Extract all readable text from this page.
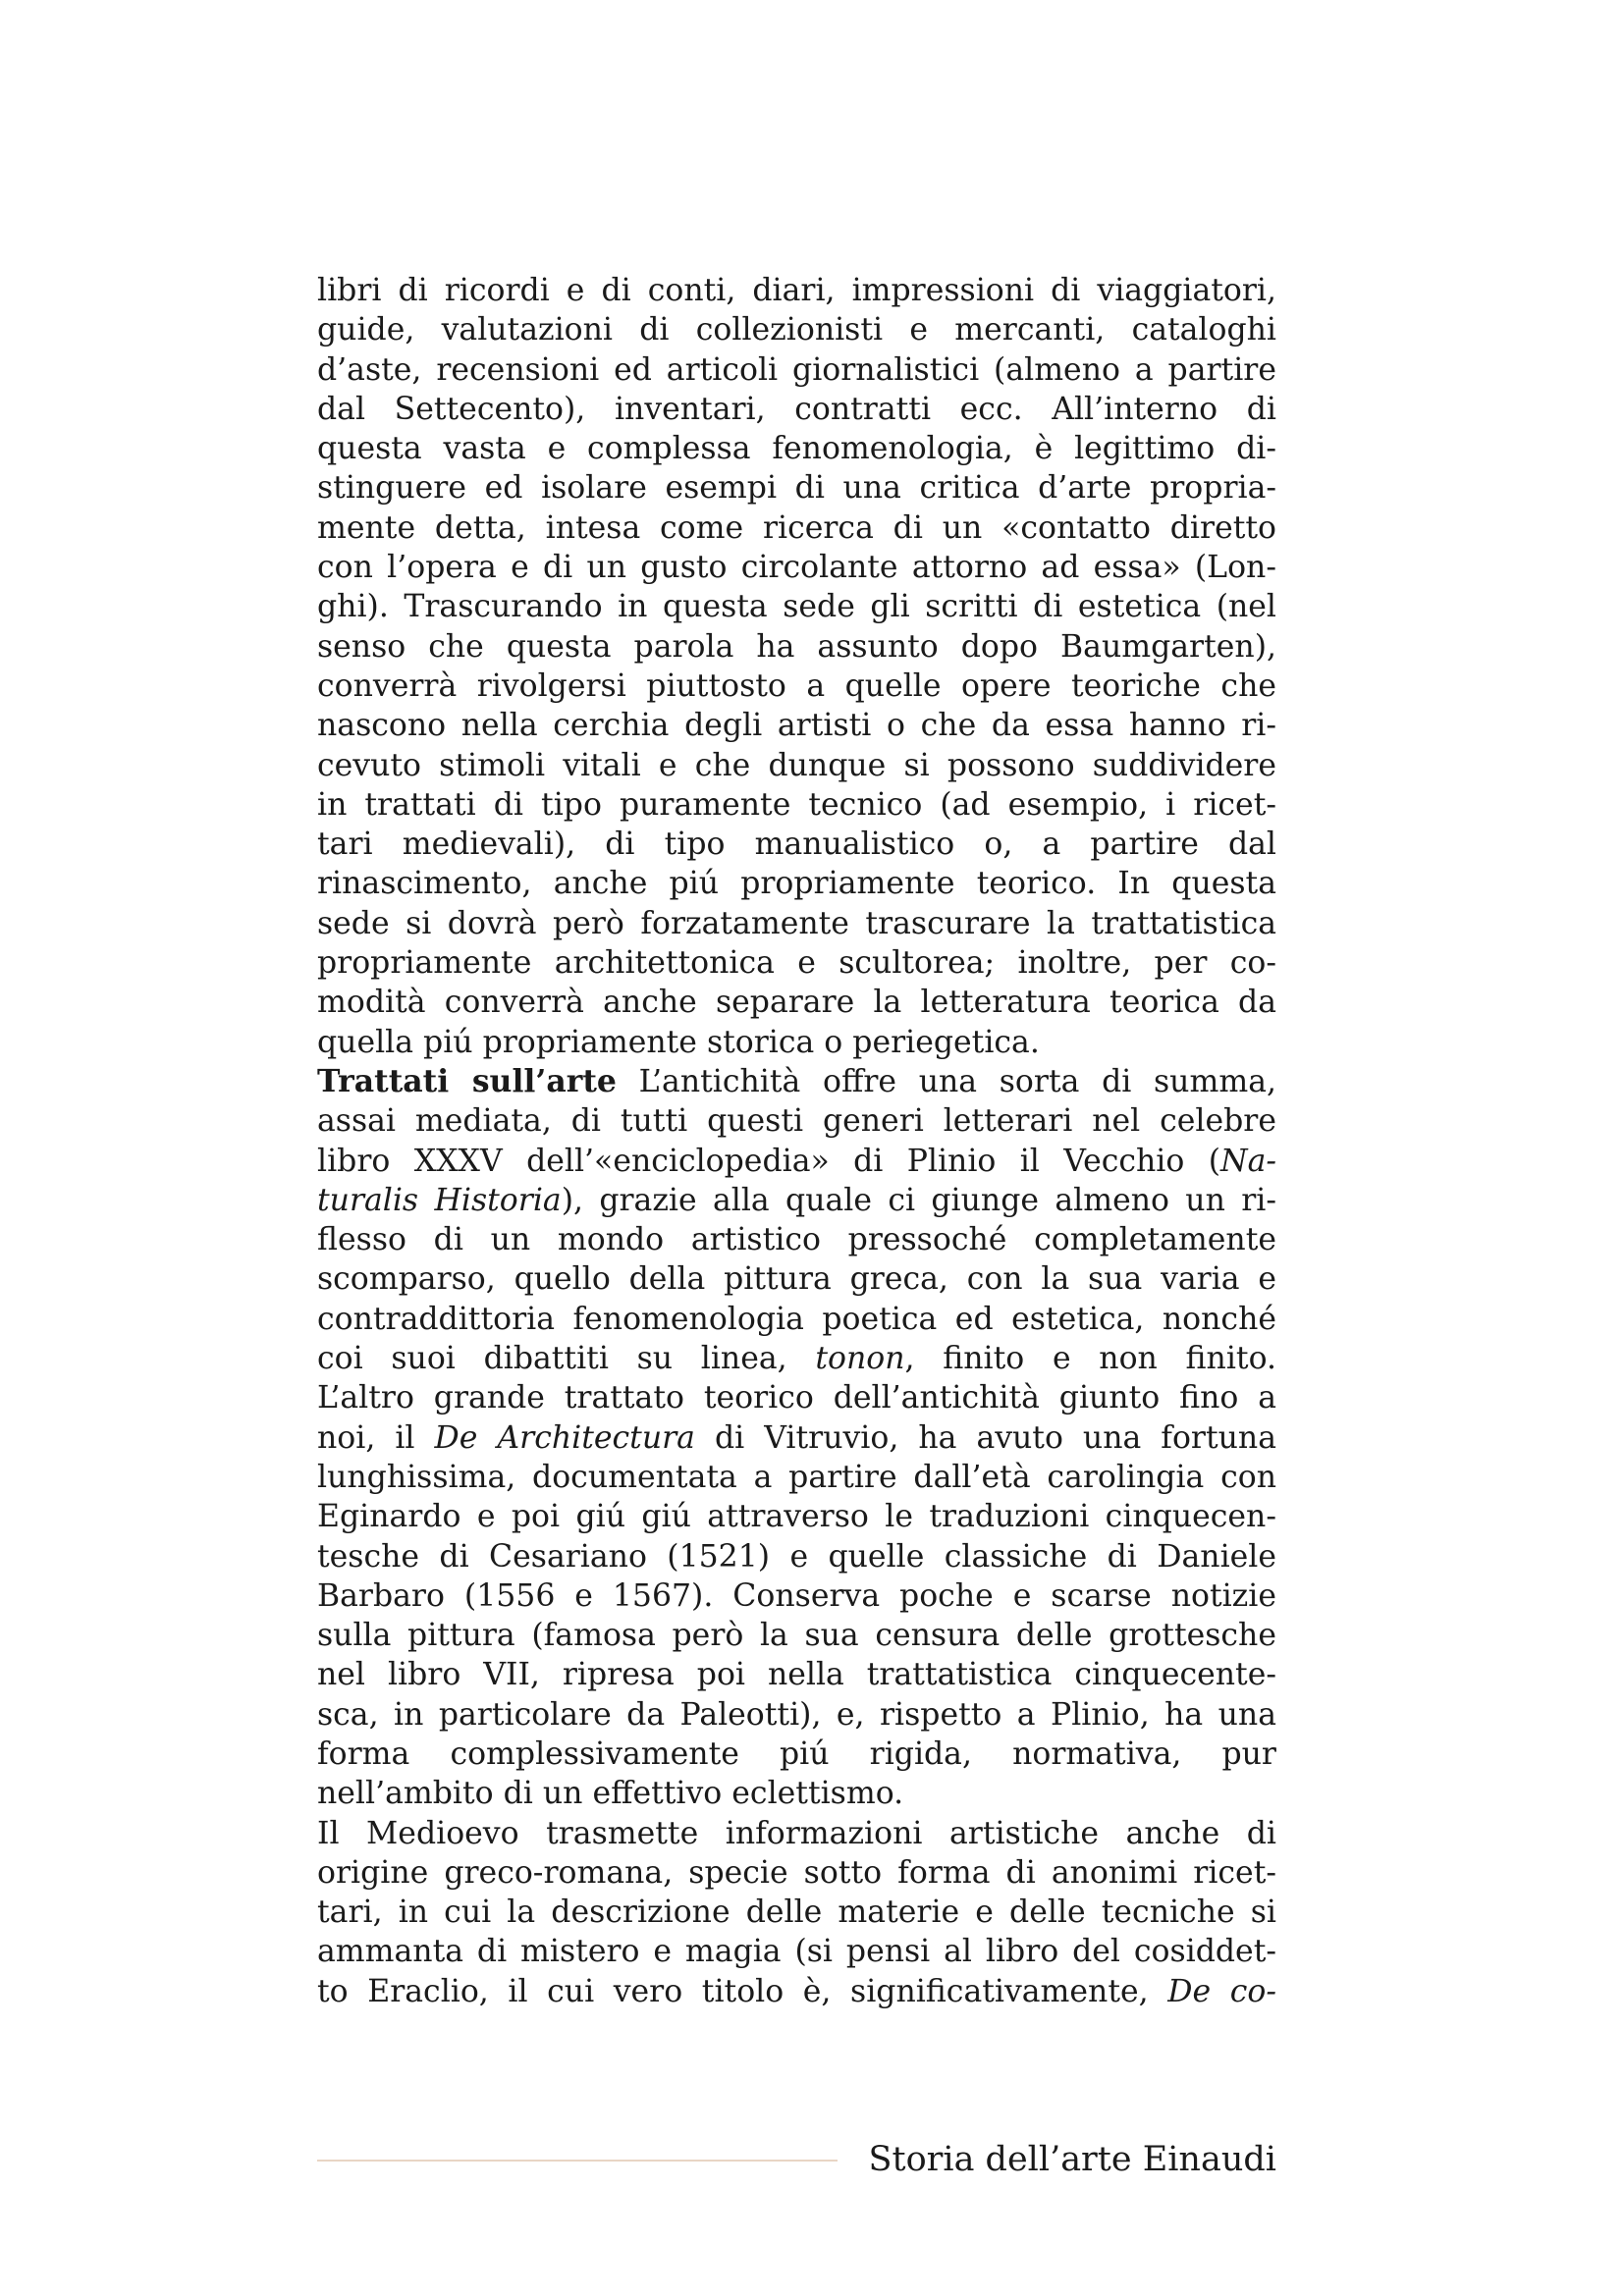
libri di ricordi e di conti, diari, impressioni di viaggiatori,
guide, valutazioni di collezionisti e mercanti, cataloghi
d’aste, recensioni ed articoli giornalistici (almeno a partire
dal Settecento), inventari, contratti ecc. All’interno di
questa vasta e complessa fenomenologia, è legittimo di-
stinguere ed isolare esempi di una critica d’arte propria-
mente detta, intesa come ricerca di un «contatto diretto
con l’opera e di un gusto circolante attorno ad essa» (Lon-
ghi). Trascurando in questa sede gli scritti di estetica (nel
senso che questa parola ha assunto dopo Baumgarten),
converrà rivolgersi piuttosto a quelle opere teoriche che
nascono nella cerchia degli artisti o che da essa hanno ri-
cevuto stimoli vitali e che dunque si possono suddividere
in trattati di tipo puramente tecnico (ad esempio, i ricet-
tari medievali), di tipo manualistico o, a partire dal
rinascimento, anche piú propriamente teorico. In questa
sede si dovrà però forzatamente trascurare la trattatistica
propriamente architettonica e scultorea; inoltre, per co-
modità converrà anche separare la letteratura teorica da
quella piú propriamente storica o periegetica.
Trattati sull’arte L’antichità offre una sorta di summa,
assai mediata, di tutti questi generi letterari nel celebre
libro XXXV dell’«enciclopedia» di Plinio il Vecchio (Na-
turalis Historia), grazie alla quale ci giunge almeno un ri-
flesso di un mondo artistico pressoché completamente
scomparso, quello della pittura greca, con la sua varia e
contraddittoria fenomenologia poetica ed estetica, nonché
coi suoi dibattiti su linea, tonon, finito e non finito.
L’altro grande trattato teorico dell’antichità giunto fino a
noi, il De Architectura di Vitruvio, ha avuto una fortuna
lunghissima, documentata a partire dall’età carolingia con
Eginardo e poi giú giú attraverso le traduzioni cinquecen-
tesche di Cesariano (1521) e quelle classiche di Daniele
Barbaro (1556 e 1567). Conserva poche e scarse notizie
sulla pittura (famosa però la sua censura delle grottesche
nel libro VII, ripresa poi nella trattatistica cinquecente-
sca, in particolare da Paleotti), e, rispetto a Plinio, ha una
forma complessivamente piú rigida, normativa, pur
nell’ambito di un effettivo eclettismo.
Il Medioevo trasmette informazioni artistiche anche di
origine greco-romana, specie sotto forma di anonimi ricet-
tari, in cui la descrizione delle materie e delle tecniche si
ammanta di mistero e magia (si pensi al libro del cosiddet-
to Eraclio, il cui vero titolo è, significativamente, De co-
Storia dell’arte Einaudi
